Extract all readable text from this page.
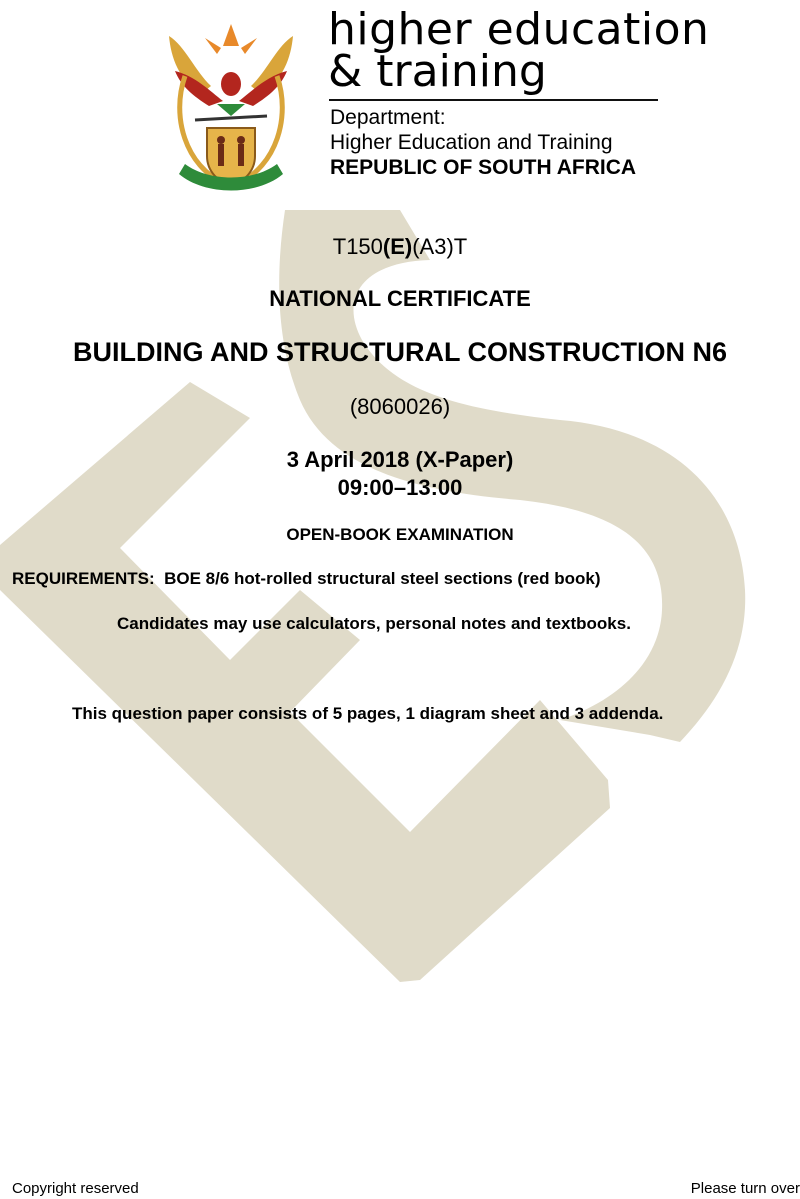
higher education
& training
Department:
Higher Education and Training
REPUBLIC OF SOUTH AFRICA
T150(E)(A3)T
NATIONAL CERTIFICATE
BUILDING AND STRUCTURAL CONSTRUCTION N6
(8060026)
3 April 2018 (X-Paper)
09:00–13:00
OPEN-BOOK EXAMINATION
REQUIREMENTS: BOE 8/6 hot-rolled structural steel sections (red book)
Candidates may use calculators, personal notes and textbooks.
This question paper consists of 5 pages, 1 diagram sheet and 3 addenda.
Copyright reserved	Please turn over
